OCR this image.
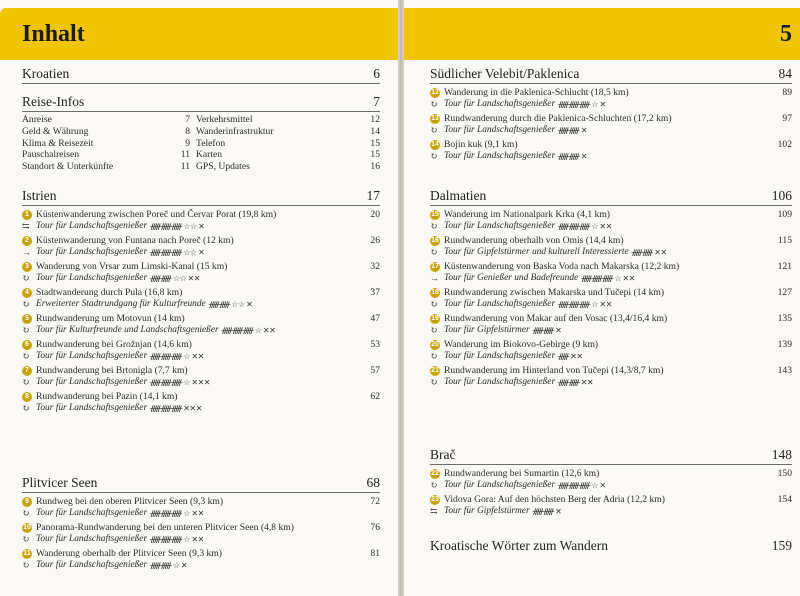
Inhalt
Kroatien	6
Reise-Infos	7
Anreise	7 Verkehrsmittel	12
Geld & Währung	8 Wanderinfrastruktur	14
Klima & Reisezeit	9 Telefon	15
Pauschalreisen	11 Karten	15
Standort & Unterkünfte	11 GPS, Updates	16
Istrien	17
1 Küstenwanderung zwischen Poreč und Červar Porat (19,8 km)	20
⇆ Tour für Landschaftsgenießer ᚏᚏᚏ ☆☆ ✕
2 Küstenwanderung von Funtana nach Poreč (12 km)	26
→ Tour für Landschaftsgenießer ᚏᚏᚏ ☆☆ ✕
3 Wanderung von Vrsar zum Limski-Kanal (15 km)	32
↻ Tour für Landschaftsgenießer ᚏᚏ ☆☆ ✕✕
4 Stadtwanderung durch Pula (16,8 km)	37
↻ Erweiterter Stadtrundgang für Kulturfreunde ᚏᚏ ☆☆ ✕
5 Rundwanderung um Motovun (14 km)	47
↻ Tour für Kulturfreunde und Landschaftsgenießer ᚏᚏᚏ ☆ ✕✕
6 Rundwanderung bei Grožnjan (14,6 km)	53
↻ Tour für Landschaftsgenießer ᚏᚏᚏ ☆ ✕✕
7 Rundwanderung bei Brtonigla (7,7 km)	57
↻ Tour für Landschaftsgenießer ᚏᚏᚏ ☆ ✕✕✕
8 Rundwanderung bei Pazin (14,1 km)	62
↻ Tour für Landschaftsgenießer ᚏᚏᚏ ✕✕✕
Plitvicer Seen	68
9 Rundweg bei den oberen Plitvicer Seen (9,3 km)	72
↻ Tour für Landschaftsgenießer ᚏᚏᚏ ☆ ✕✕
10 Panorama-Rundwanderung bei den unteren Plitvicer Seen (4,8 km)	76
↻ Tour für Landschaftsgenießer ᚏᚏᚏ ☆ ✕✕
11 Wanderung oberhalb der Plitvicer Seen (9,3 km)	81
↻ Tour für Landschaftsgenießer ᚏᚏ ☆ ✕
5
Südlicher Velebit/Paklenica	84
12 Wanderung in die Paklenica-Schlucht (18,5 km)	89
↻ Tour für Landschaftsgenießer ᚏᚏᚏ ☆ ✕
13 Rundwanderung durch die Paklenica-Schluchten (17,2 km)	97
↻ Tour für Landschaftsgenießer ᚏᚏ ✕
14 Bojin kuk (9,1 km)	102
↻ Tour für Landschaftsgenießer ᚏᚏ ✕
Dalmatien	106
15 Wanderung im Nationalpark Krka (4,1 km)	109
↻ Tour für Landschaftsgenießer ᚏᚏᚏ ☆ ✕✕
16 Rundwanderung oberhalb von Omis (14,4 km)	115
↻ Tour für Gipfelstürmer und kulturell Interessierte ᚏᚏ ✕✕
17 Küstenwanderung von Baska Voda nach Makarska (12,2 km)	121
→ Tour für Genießer und Badefreunde ᚏᚏᚏ ☆ ✕✕
18 Rundwanderung zwischen Makarska und Tučepi (14 km)	127
↻ Tour für Landschaftsgenießer ᚏᚏᚏ ☆ ✕✕
19 Rundwanderung von Makar auf den Vosac (13,4/16,4 km)	135
↻ Tour für Gipfelstürmer ᚏᚏ ✕
20 Wanderung im Biokovo-Gebirge (9 km)	139
↻ Tour für Landschaftsgenießer ᚏ ✕✕
21 Rundwanderung im Hinterland von Tučepi (14,3/8,7 km)	143
↻ Tour für Landschaftsgenießer ᚏᚏ ✕✕
Brač	148
22 Rundwanderung bei Sumartin (12,6 km)	150
↻ Tour für Landschaftsgenießer ᚏᚏᚏ ☆ ✕
23 Vidova Gora: Auf den höchsten Berg der Adria (12,2 km)	154
⇆ Tour für Gipfelstürmer ᚏᚏ ✕
Kroatische Wörter zum Wandern	159
